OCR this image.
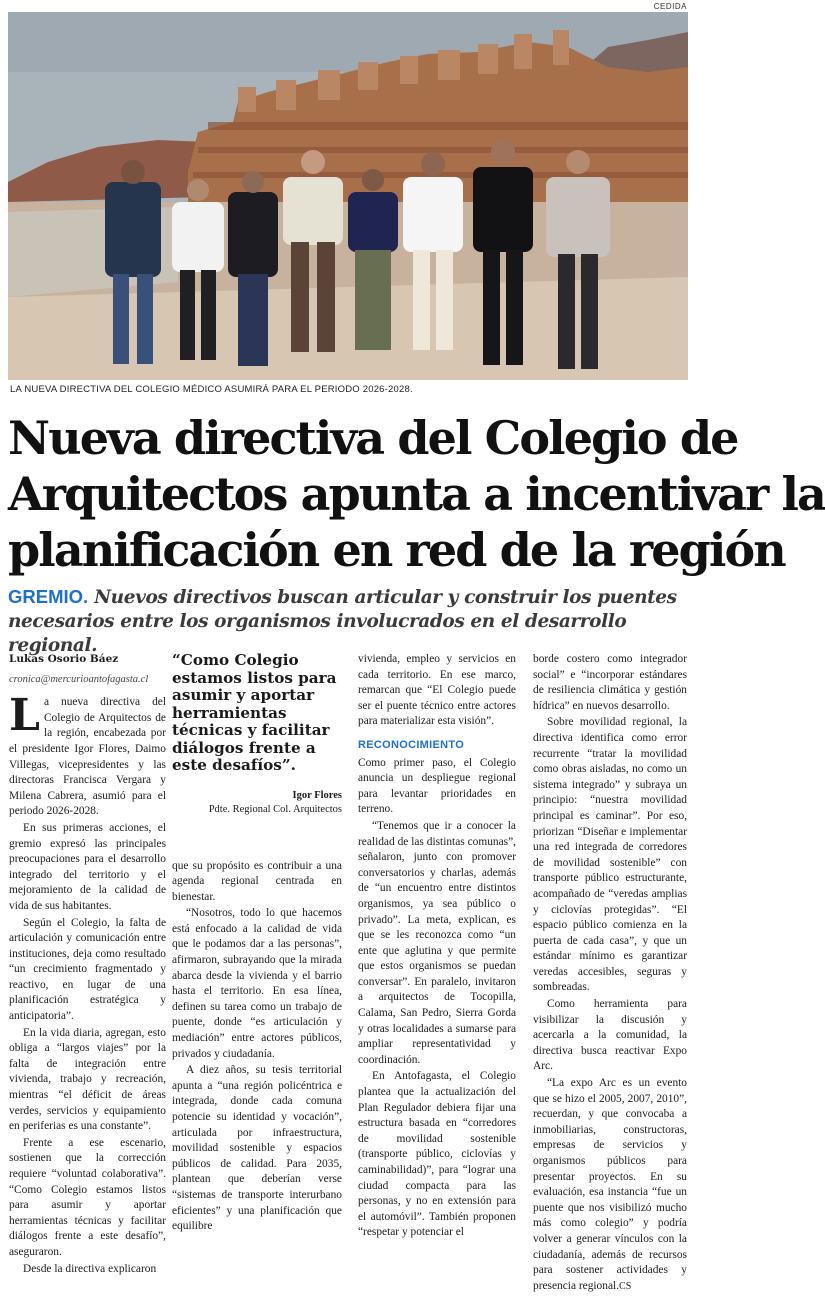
CEDIDA
LA NUEVA DIRECTIVA DEL COLEGIO MÉDICO ASUMIRÁ PARA EL PERIODO 2026-2028.
Nueva directiva del Colegio de
Arquitectos apunta a incentivar la
planificación en red de la región
GREMIO. Nuevos directivos buscan articular y construir los puentes necesarios entre los organismos involucrados en el desarrollo regional.
Lukas Osorio Báez
cronica@mercurioantofagasta.cl

La nueva directiva del Colegio de Arquitectos de la región, encabezada por el presidente Igor Flores, Daimo Villegas, vicepresidentes y las directoras Francisca Vergara y Milena Cabrera, asumió para el periodo 2026-2028.

En sus primeras acciones, el gremio expresó las principales preocupaciones para el desarrollo integrado del territorio y el mejoramiento de la calidad de vida de sus habitantes.

Según el Colegio, la falta de articulación y comunicación entre instituciones, deja como resultado “un crecimiento fragmentado y reactivo, en lugar de una planificación estratégica y anticipatoria”.

En la vida diaria, agregan, esto obliga a “largos viajes” por la falta de integración entre vivienda, trabajo y recreación, mientras “el déficit de áreas verdes, servicios y equipamiento en periferias es una constante”.

Frente a ese escenario, sostienen que la corrección requiere “voluntad colaborativa”. “Como Colegio estamos listos para asumir y aportar herramientas técnicas y facilitar diálogos frente a este desafío”, aseguraron.

Desde la directiva explicaron

“Como Colegio estamos listos para asumir y aportar herramientas técnicas y facilitar diálogos frente a este desafíos”.
Igor Flores
Pdte. Regional Col. Arquitectos

que su propósito es contribuir a una agenda regional centrada en bienestar.

“Nosotros, todo lo que hacemos está enfocado a la calidad de vida que le podamos dar a las personas”, afirmaron, subrayando que la mirada abarca desde la vivienda y el barrio hasta el territorio. En esa línea, definen su tarea como un trabajo de puente, donde “es articulación y mediación” entre actores públicos, privados y ciudadanía.

A diez años, su tesis territorial apunta a “una región policéntrica e integrada, donde cada comuna potencie su identidad y vocación”, articulada por infraestructura, movilidad sostenible y espacios públicos de calidad. Para 2035, plantean que deberían verse “sistemas de transporte interurbano eficientes” y una planificación que equilibre

vivienda, empleo y servicios en cada territorio. En ese marco, remarcan que “El Colegio puede ser el puente técnico entre actores para materializar esta visión”.

RECONOCIMIENTO

Como primer paso, el Colegio anuncia un despliegue regional para levantar prioridades en terreno.

“Tenemos que ir a conocer la realidad de las distintas comunas”, señalaron, junto con promover conversatorios y charlas, además de “un encuentro entre distintos organismos, ya sea público o privado”. La meta, explican, es que se les reconozca como “un ente que aglutina y que permite que estos organismos se puedan conversar”. En paralelo, invitaron a arquitectos de Tocopilla, Calama, San Pedro, Sierra Gorda y otras localidades a sumarse para ampliar representatividad y coordinación.

En Antofagasta, el Colegio plantea que la actualización del Plan Regulador debiera fijar una estructura basada en “corredores de movilidad sostenible (transporte público, ciclovías y caminabilidad)”, para “lograr una ciudad compacta para las personas, y no en extensión para el automóvil”. También proponen “respetar y potenciar el

borde costero como integrador social” e “incorporar estándares de resiliencia climática y gestión hídrica” en nuevos desarrollo.

Sobre movilidad regional, la directiva identifica como error recurrente “tratar la movilidad como obras aisladas, no como un sistema integrado” y subraya un principio: “nuestra movilidad principal es caminar”. Por eso, priorizan “Diseñar e implementar una red integrada de corredores de movilidad sostenible” con transporte público estructurante, acompañado de “veredas amplias y ciclovías protegidas”. “El espacio público comienza en la puerta de cada casa”, y que un estándar mínimo es garantizar veredas accesibles, seguras y sombreadas.

Como herramienta para visibilizar la discusión y acercarla a la comunidad, la directiva busca reactivar Expo Arc.

“La expo Arc es un evento que se hizo el 2005, 2007, 2010”, recuerdan, y que convocaba a inmobiliarias, constructoras, empresas de servicios y organismos públicos para presentar proyectos. En su evaluación, esa instancia “fue un puente que nos visibilizó mucho más como colegio” y podría volver a generar vínculos con la ciudadanía, además de recursos para sostener actividades y presencia regional.CS
